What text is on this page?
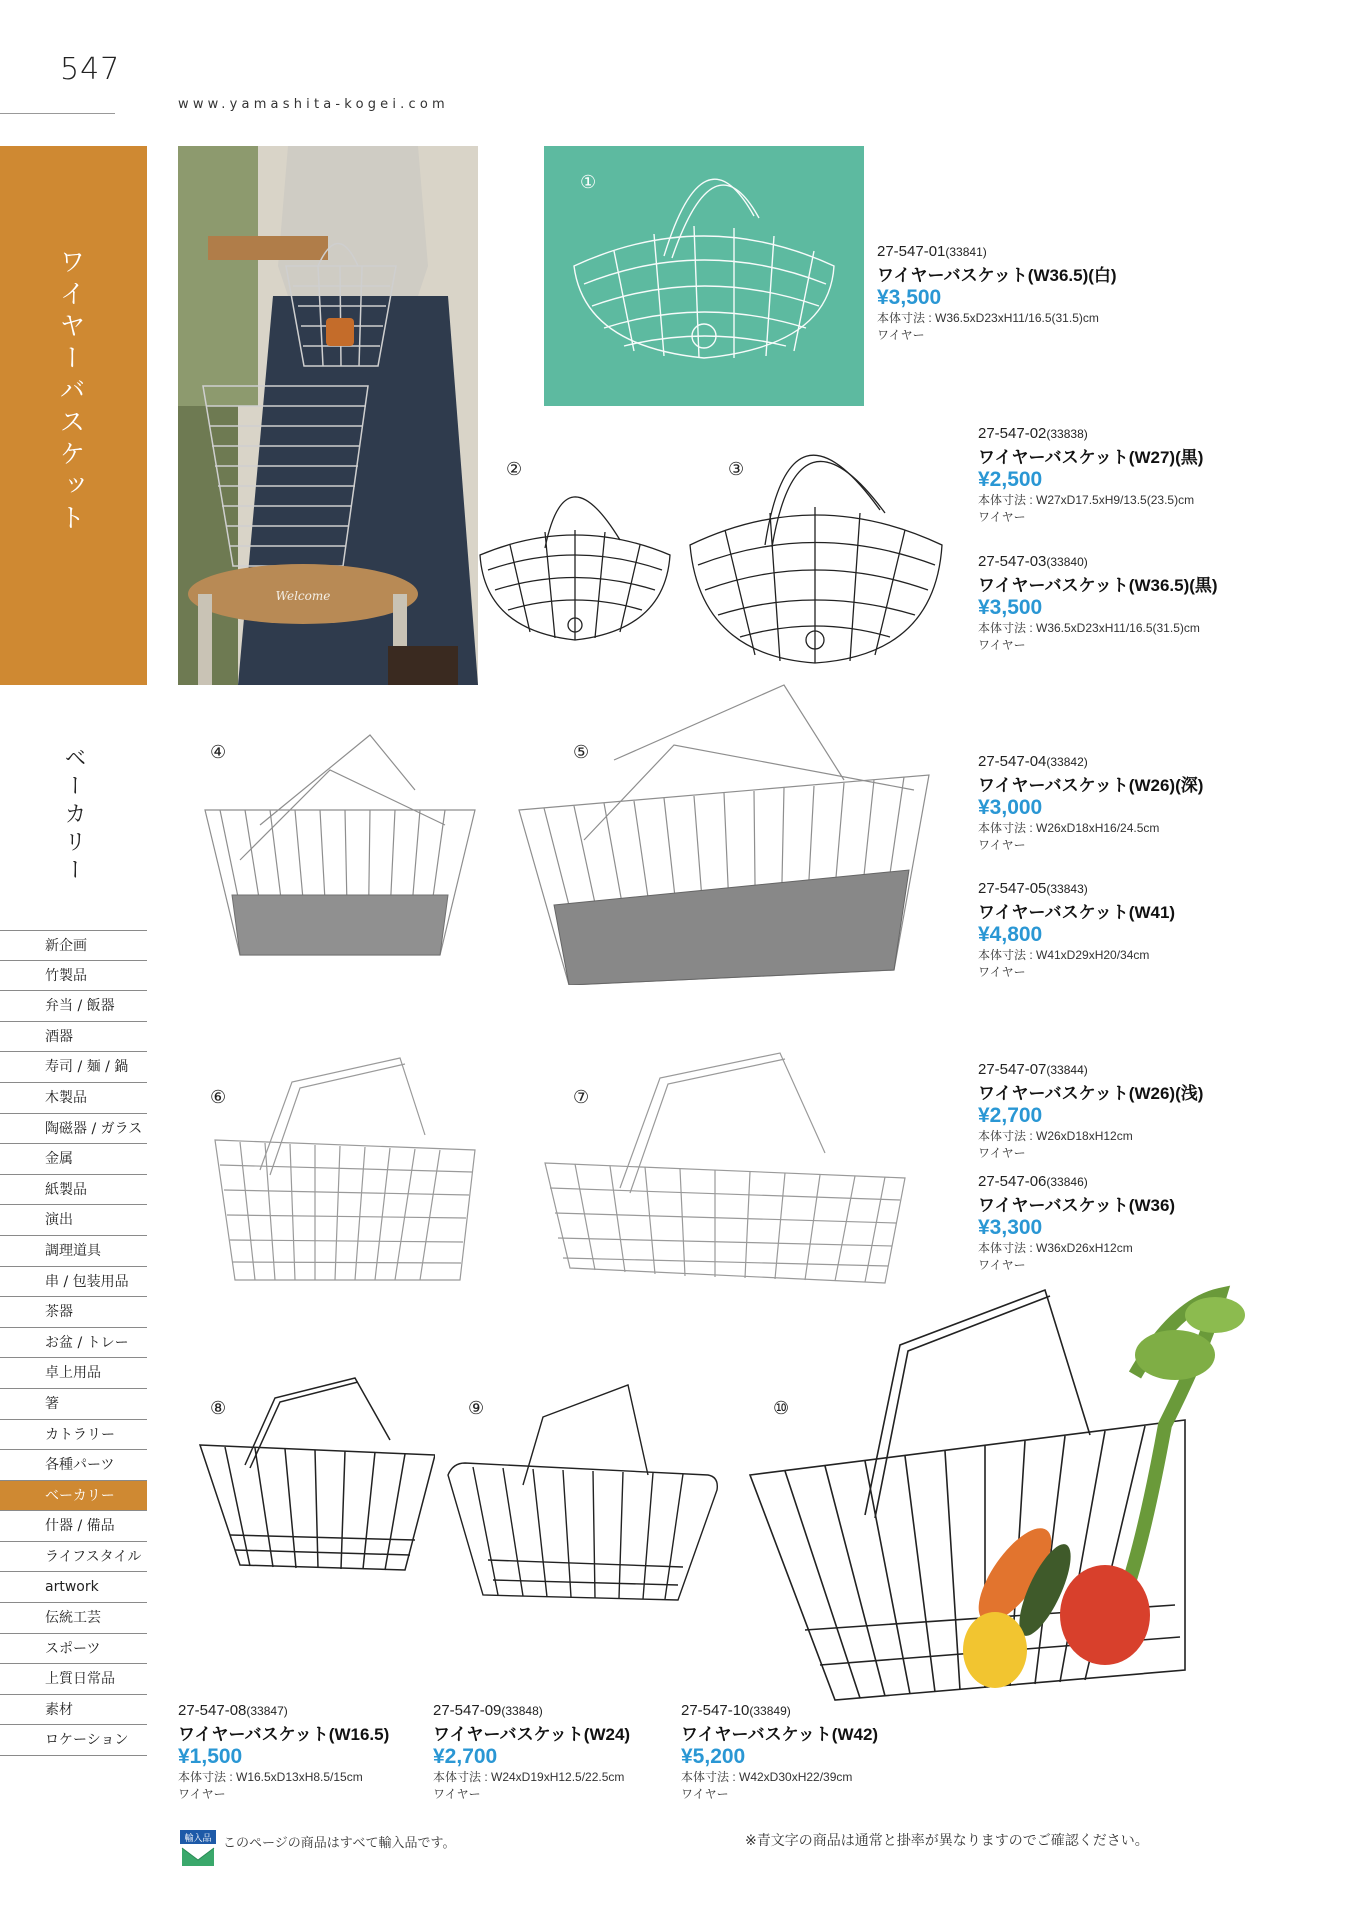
547
www.yamashita-kogei.com
ワイヤーバスケット
ベーカリー
新企画
竹製品
弁当 / 飯器
酒器
寿司 / 麺 / 鍋
木製品
陶磁器 / ガラス
金属
紙製品
演出
調理道具
串 / 包装用品
茶器
お盆 / トレー
卓上用品
箸
カトラリー
各種パーツ
ベーカリー
什器 / 備品
ライフスタイル
artwork
伝統工芸
スポーツ
上質日常品
素材
ロケーション
Welcome
①
②	③
④	⑤
⑥	⑦
⑧	⑨	⑩
27-547-01(33841)
ワイヤーバスケット(W36.5)(白)
¥3,500
本体寸法 : W36.5xD23xH11/16.5(31.5)cm
ワイヤー
27-547-02(33838)
ワイヤーバスケット(W27)(黒)
¥2,500
本体寸法 : W27xD17.5xH9/13.5(23.5)cm
ワイヤー
27-547-03(33840)
ワイヤーバスケット(W36.5)(黒)
¥3,500
本体寸法 : W36.5xD23xH11/16.5(31.5)cm
ワイヤー
27-547-04(33842)
ワイヤーバスケット(W26)(深)
¥3,000
本体寸法 : W26xD18xH16/24.5cm
ワイヤー
27-547-05(33843)
ワイヤーバスケット(W41)
¥4,800
本体寸法 : W41xD29xH20/34cm
ワイヤー
27-547-07(33844)
ワイヤーバスケット(W26)(浅)
¥2,700
本体寸法 : W26xD18xH12cm
ワイヤー
27-547-06(33846)
ワイヤーバスケット(W36)
¥3,300
本体寸法 : W36xD26xH12cm
ワイヤー
27-547-08(33847)
ワイヤーバスケット(W16.5)
¥1,500
本体寸法 : W16.5xD13xH8.5/15cm
ワイヤー
27-547-09(33848)
ワイヤーバスケット(W24)
¥2,700
本体寸法 : W24xD19xH12.5/22.5cm
ワイヤー
27-547-10(33849)
ワイヤーバスケット(W42)
¥5,200
本体寸法 : W42xD30xH22/39cm
ワイヤー
輸入品 このページの商品はすべて輸入品です。	※青文字の商品は通常と掛率が異なりますのでご確認ください。
